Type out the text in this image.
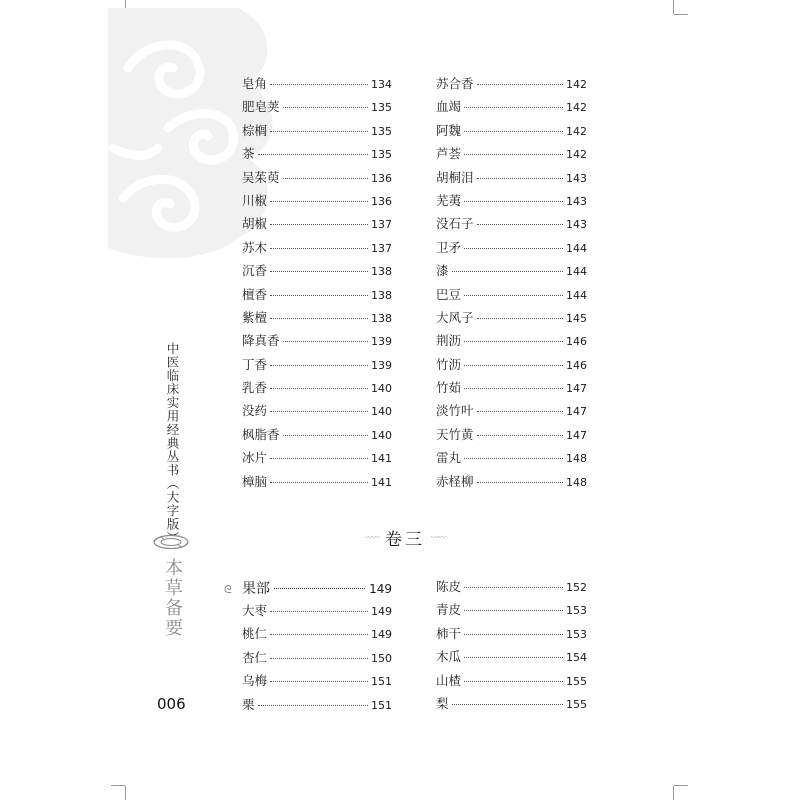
中医临床实用经典丛书（大字版）
本草备要
006
皂角	134
肥皂荚	135
棕榈	135
茶	135
吴茱萸	136
川椒	136
胡椒	137
苏木	137
沉香	138
檀香	138
紫檀	138
降真香	139
丁香	139
乳香	140
没药	140
枫脂香	140
冰片	141
樟脑	141
苏合香	142
血竭	142
阿魏	142
芦荟	142
胡桐泪	143
芜荑	143
没石子	143
卫矛	144
漆	144
巴豆	144
大风子	145
荆沥	146
竹沥	146
竹茹	147
淡竹叶	147
天竹黄	147
雷丸	148
赤柽柳	148
〰〰 卷三 〰〰
ᘓ 果部	149
大枣	149
桃仁	149
杏仁	150
乌梅	151
栗	151
陈皮	152
青皮	153
柿干	153
木瓜	154
山楂	155
梨	155
